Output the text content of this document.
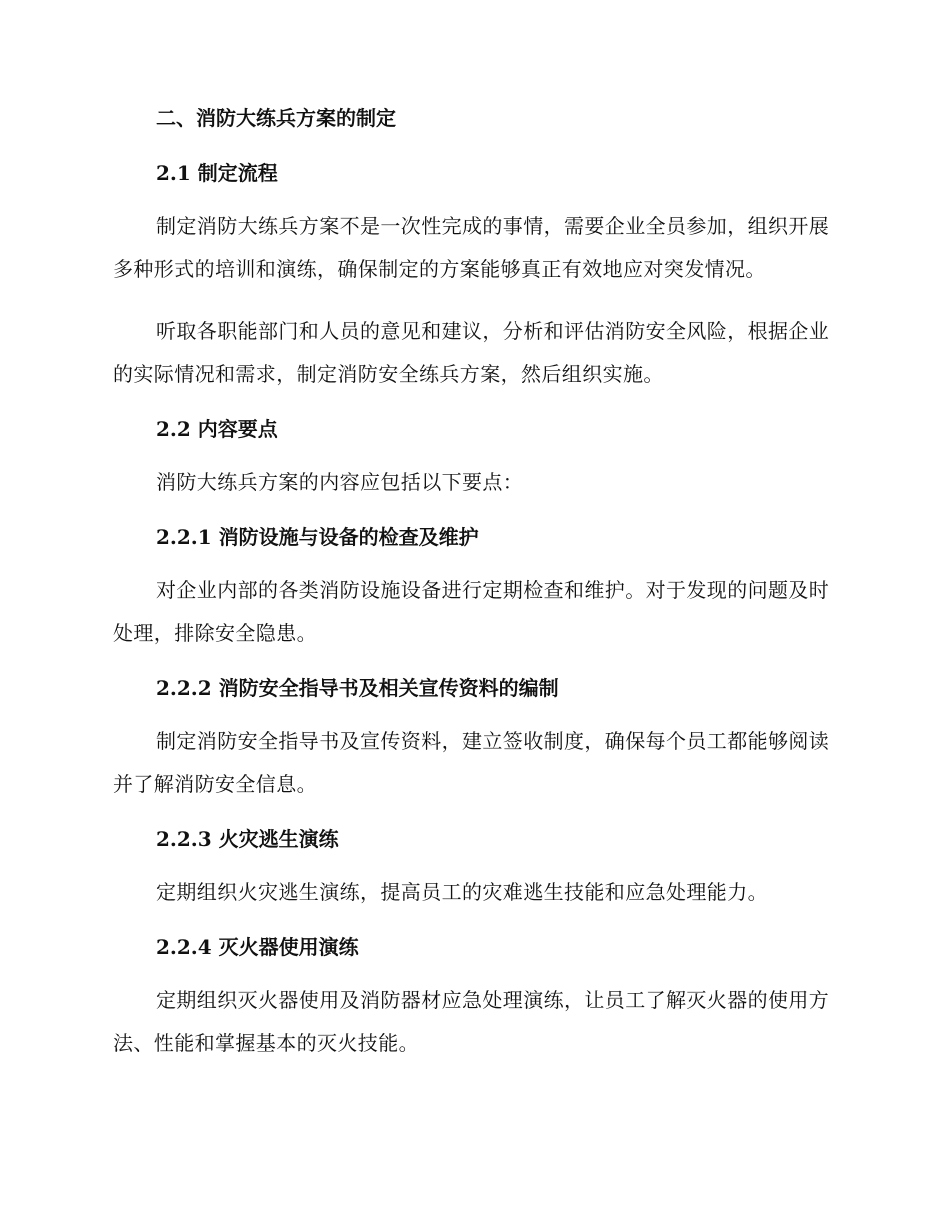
二、消防大练兵方案的制定
2.1 制定流程

制定消防大练兵方案不是一次性完成的事情，需要企业全员参加，组织开展多种形式的培训和演练，确保制定的方案能够真正有效地应对突发情况。

听取各职能部门和人员的意见和建议，分析和评估消防安全风险，根据企业的实际情况和需求，制定消防安全练兵方案，然后组织实施。

2.2 内容要点

消防大练兵方案的内容应包括以下要点：

2.2.1 消防设施与设备的检查及维护

对企业内部的各类消防设施设备进行定期检查和维护。对于发现的问题及时处理，排除安全隐患。

2.2.2 消防安全指导书及相关宣传资料的编制

制定消防安全指导书及宣传资料，建立签收制度，确保每个员工都能够阅读并了解消防安全信息。

2.2.3 火灾逃生演练

定期组织火灾逃生演练，提高员工的灾难逃生技能和应急处理能力。

2.2.4 灭火器使用演练

定期组织灭火器使用及消防器材应急处理演练，让员工了解灭火器的使用方法、性能和掌握基本的灭火技能。
